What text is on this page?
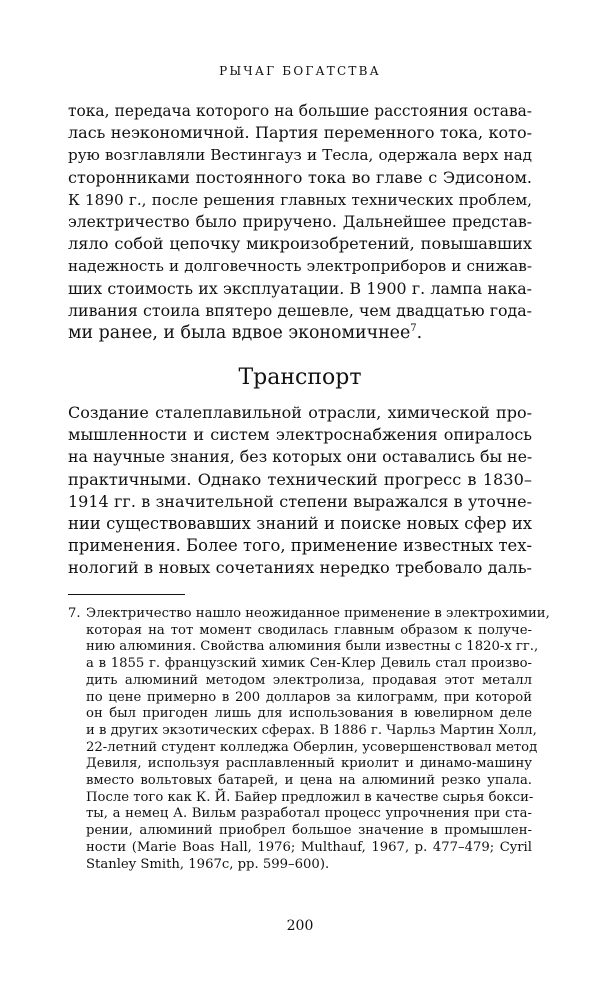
РЫЧАГ БОГАТСТВА
тока, передача которого на большие расстояния остава-
лась неэкономичной. Партия переменного тока, кото-
рую возглавляли Вестингауз и Тесла, одержала верх над
сторонниками постоянного тока во главе с Эдисоном.
К 1890 г., после решения главных технических проблем,
электричество было приручено. Дальнейшее представ-
ляло собой цепочку микроизобретений, повышавших
надежность и долговечность электроприборов и снижав-
ших стоимость их эксплуатации. В 1900 г. лампа нака-
ливания стоила впятеро дешевле, чем двадцатью года-
ми ранее, и была вдвое экономичнее$^7$.
Транспорт
Создание сталеплавильной отрасли, химической про-
мышленности и систем электроснабжения опиралось
на научные знания, без которых они оставались бы не-
практичными. Однако технический прогресс в 1830–
1914 гг. в значительной степени выражался в уточне-
нии существовавших знаний и поиске новых сфер их
применения. Более того, применение известных тех-
нологий в новых сочетаниях нередко требовало даль-
7. Электричество нашло неожиданное применение в электрохимии,
которая на тот момент сводилась главным образом к получе-
нию алюминия. Свойства алюминия были известны с 1820-х гг.,
а в 1855 г. французский химик Сен-Клер Девиль стал произво-
дить алюминий методом электролиза, продавая этот металл
по цене примерно в 200 долларов за килограмм, при которой
он был пригоден лишь для использования в ювелирном деле
и в других экзотических сферах. В 1886 г. Чарльз Мартин Холл,
22-летний студент колледжа Оберлин, усовершенствовал метод
Девиля, используя расплавленный криолит и динамо-машину
вместо вольтовых батарей, и цена на алюминий резко упала.
После того как К. Й. Байер предложил в качестве сырья бокси-
ты, а немец А. Вильм разработал процесс упрочнения при ста-
рении, алюминий приобрел большое значение в промышлен-
ности (Marie Boas Hall, 1976; Multhauf, 1967, p. 477–479; Cyril
Stanley Smith, 1967c, pp. 599–600).
200
